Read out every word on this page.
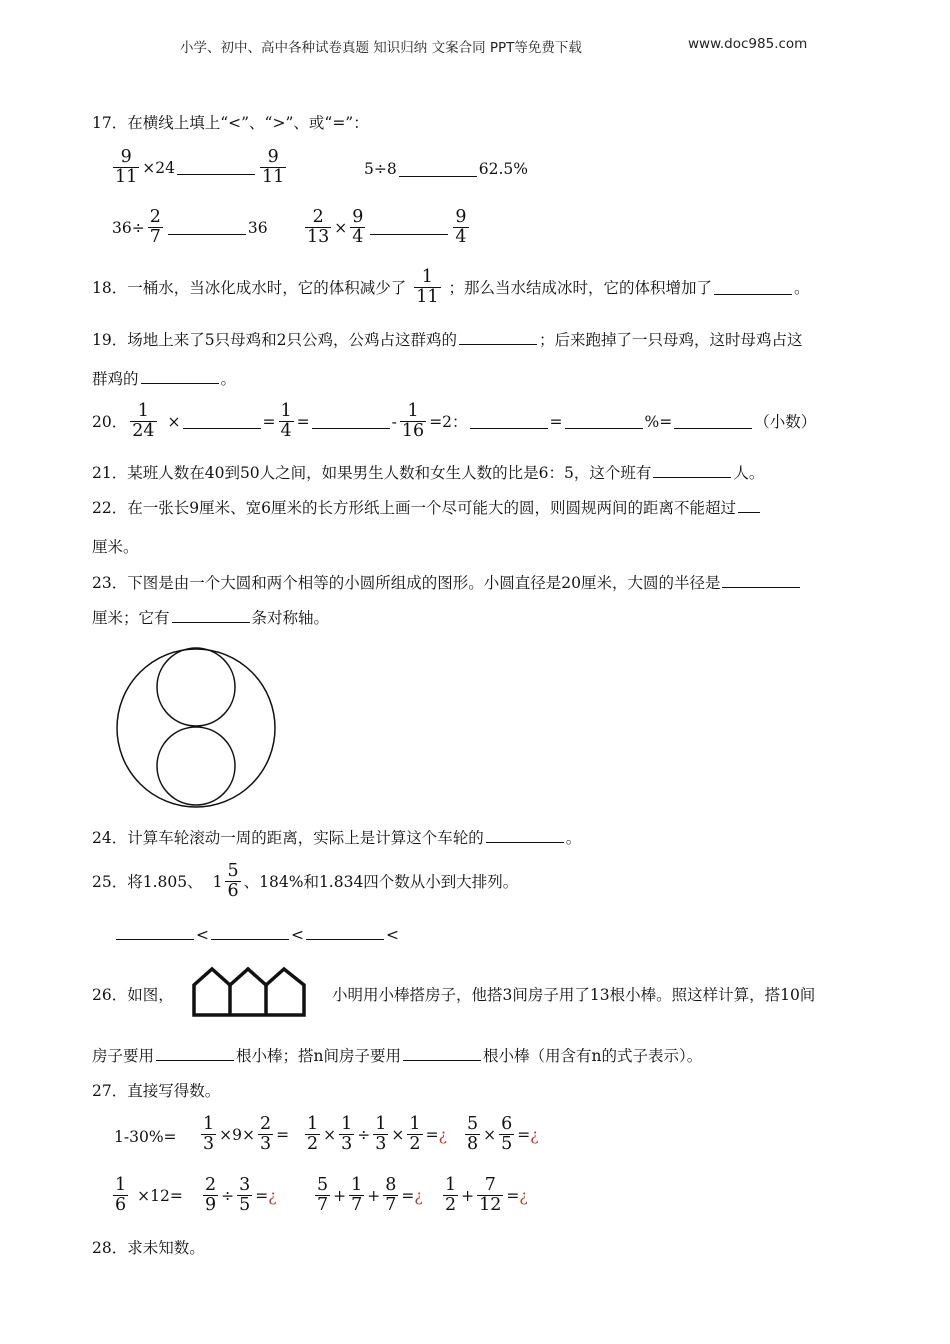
小学、初中、高中各种试卷真题 知识归纳 文案合同 PPT等免费下载	www.doc985.com
17．在横线上填上“<”、“>”、或“=”：
$\frac{9}{11} \times 24$	$\frac{9}{11}$	5÷8	62.5%
$36\div \frac{2}{7}$	$36 \frac{2}{13} \times \frac{9}{4}$	$\frac{9}{4}$
18．一桶水，当冰化成水时，它的体积减少了 $\frac{1}{11}$ ；那么当水结成冰时，它的体积增加了	。
19．场地上来了5只母鸡和2只公鸡，公鸡占这群鸡的	；后来跑掉了一只母鸡，这时母鸡占这
群鸡的	。
20． $\frac{1}{24}$ ×	= $\frac{1}{4}$ =	- $\frac{1}{16} =2$：	=	%=	（小数）
21．某班人数在40到50人之间，如果男生人数和女生人数的比是6：5，这个班有	人。
22．在一张长9厘米、宽6厘米的长方形纸上画一个尽可能大的圆，则圆规两间的距离不能超过
厘米。
23．下图是由一个大圆和两个相等的小圆所组成的图形。小圆直径是20厘米，大圆的半径是
厘米；它有	条对称轴。
24．计算车轮滚动一周的距离，实际上是计算这个车轮的	。
25．将1.805、 $1 \frac{5}{6}$ 、184%和1.834四个数从小到大排列。
<	<	<
26．如图，	小明用小棒搭房子，他搭3间房子用了13根小棒。照这样计算，搭10间
房子要用	根小棒；搭n间房子要用	根小棒（用含有n的式子表示）。
27．直接写得数。
$1-30\%= \frac{1}{3} \times 9\times \frac{2}{3} = \frac{1}{2} \times \frac{1}{3} \div \frac{1}{3} \times \frac{1}{2}$ = ¿ $\frac{5}{8} \times \frac{6}{5}$ = ¿
$\frac{1}{6} \times 12= \frac{2}{9} \div \frac{3}{5}$ = ¿ $\frac{5}{7} + \frac{1}{7} + \frac{8}{7}$ = ¿ $\frac{1}{2} + \frac{7}{12}$ = ¿
28．求未知数。
